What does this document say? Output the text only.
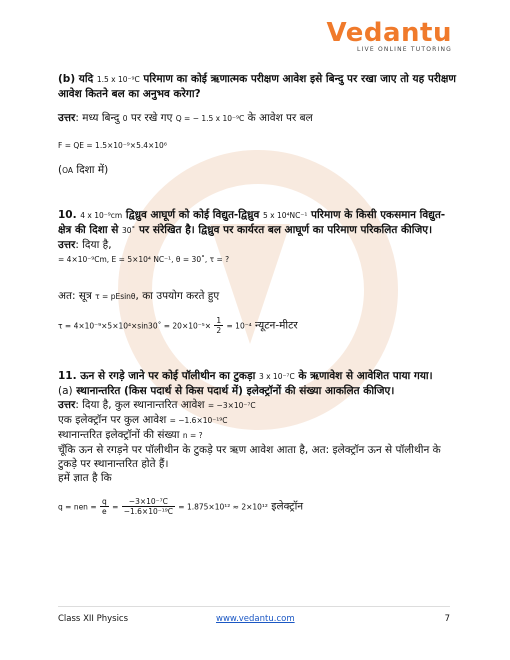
Vedantu
LIVE ONLINE TUTORING

(b) यदि 1.5 x 10⁻⁹C परिमाण का कोई ऋणात्मक परीक्षण आवेश इसे बिन्दु पर रखा जाए तो यह परीक्षण आवेश कितने बल का अनुभव करेगा?

उत्तर: मध्य बिन्दु 0 पर रखे गए Q = − 1.5 x 10⁻⁹C के आवेश पर बल

F = QE = 1.5×10⁻⁹×5.4×10⁶

(OA दिशा में)

10. 4 x 10⁻⁹cm द्विध्रुव आघूर्ण को कोई विद्युत-द्विध्रुव 5 x 10⁴NC⁻¹ परिमाण के किसी एकसमान विद्युत-क्षेत्र की दिशा से 30˚ पर संरेखित है। द्विध्रुव पर कार्यरत बल आघूर्ण का परिमाण परिकलित कीजिए।

उत्तर: दिया है,

= 4×10⁻⁹Cm, E = 5×10⁴ NC⁻¹, θ = 30˚, τ = ?

अत: सूत्र τ = pEsinθ, का उपयोग करते हुए

τ = 4×10⁻⁹×5×10⁴×sin30˚ = $20\times 10^{-5}\times \frac{1}{2} = 10^{-4}$ न्यूटन-मीटर

11. ऊन से रगड़े जाने पर कोई पॉलीथीन का टुकड़ा 3 x 10⁻⁷C के ऋणावेश से आवेशित पाया गया।

(a) स्थानान्तरित (किस पदार्थ से किस पदार्थ में) इलेक्ट्रॉनों की संख्या आकलित कीजिए।

उत्तर: दिया है, कुल स्थानान्तरित आवेश = −3×10⁻⁷C

एक इलेक्ट्रॉन पर कुल आवेश = −1.6×10⁻¹⁹C

स्थानान्तरित इलेक्ट्रॉनों की संख्या n = ?

चूँकि ऊन से रगड़ने पर पॉलीथीन के टुकड़े पर ऋण आवेश आता है, अत: इलेक्ट्रॉन ऊन से पॉलीथीन के टुकड़े पर स्थानान्तरित होते हैं।

हमें ज्ञात है कि

q = nen = $\frac{q}{e} = \frac{\text{−3×10⁻⁷C}}{\text{−1.6×10⁻¹⁹C}} = 1.875\times 10^{12} \approx 2\times 10^{12}$ इलेक्ट्रॉन

Class XII Physics	www.vedantu.com	7
